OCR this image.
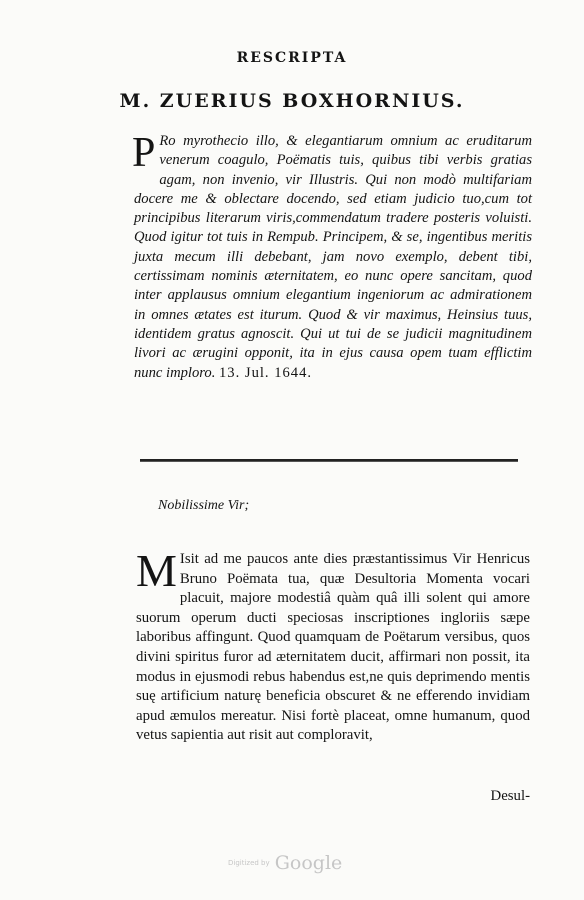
RESCRIPTA
M. ZUERIUS BOXHORNIUS.
P Ro myrothecio illo, & elegantiarum omnium ac eruditarum venerum coagulo, Poëmatis tuis, quibus tibi verbis gratias agam, non invenio, vir Illustris. Qui non modò multifariam docere me & oblectare docendo, sed etiam judicio tuo,cum tot principibus literarum viris,commendatum tradere posteris voluisti. Quod igitur tot tuis in Rempub. Principem, & se, ingentibus meritis juxta mecum illi debebant, jam novo exemplo, debent tibi, certissimam nominis æternitatem, eo nunc opere sancitam, quod inter applausus omnium elegantium ingeniorum ac admirationem in omnes ætates est iturum. Quod & vir maximus, Heinsius tuus, identidem gratus agnoscit. Qui ut tui de se judicii magnitudinem livori ac ærugini opponit, ita in ejus causa opem tuam efflictim nunc imploro. 13. Jul. 1644.
Nobilissime Vir;
M Isit ad me paucos ante dies præstantissimus Vir Henricus Bruno Poëmata tua, quæ Desultoria Momenta vocari placuit, majore modestiâ quàm quâ illi solent qui amore suorum operum ducti speciosas inscriptiones ingloriis sæpe laboribus affingunt. Quod quamquam de Poëtarum versibus, quos divini spiritus furor ad æternitatem ducit, affirmari non possit, ita modus in ejusmodi rebus habendus est,ne quis deprimendo mentis suę artificium naturę beneficia obscuret & ne efferendo invidiam apud æmulos mereatur. Nisi fortè placeat, omne humanum, quod vetus sapientia aut risit aut comploravit,
Desul-
Digitized by Google
